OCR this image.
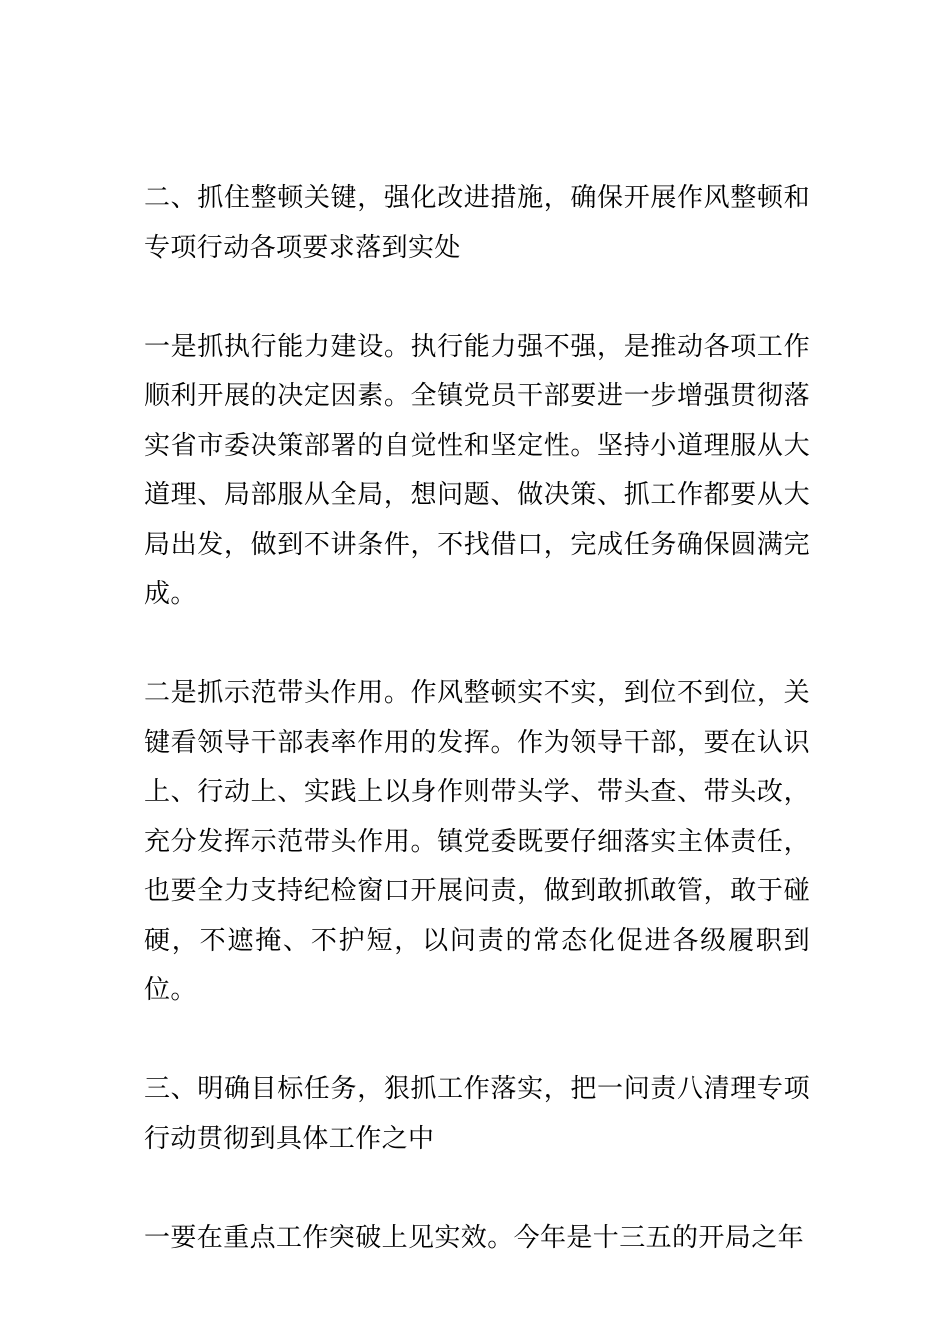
二、抓住整顿关键，强化改进措施，确保开展作风整顿和专项行动各项要求落到实处

一是抓执行能力建设。执行能力强不强，是推动各项工作顺利开展的决定因素。全镇党员干部要进一步增强贯彻落实省市委决策部署的自觉性和坚定性。坚持小道理服从大道理、局部服从全局，想问题、做决策、抓工作都要从大局出发，做到不讲条件，不找借口，完成任务确保圆满完成。

二是抓示范带头作用。作风整顿实不实，到位不到位，关键看领导干部表率作用的发挥。作为领导干部，要在认识上、行动上、实践上以身作则带头学、带头查、带头改，充分发挥示范带头作用。镇党委既要仔细落实主体责任，也要全力支持纪检窗口开展问责，做到敢抓敢管，敢于碰硬，不遮掩、不护短，以问责的常态化促进各级履职到位。

三、明确目标任务，狠抓工作落实，把一问责八清理专项行动贯彻到具体工作之中

一要在重点工作突破上见实效。今年是十三五的开局之年
